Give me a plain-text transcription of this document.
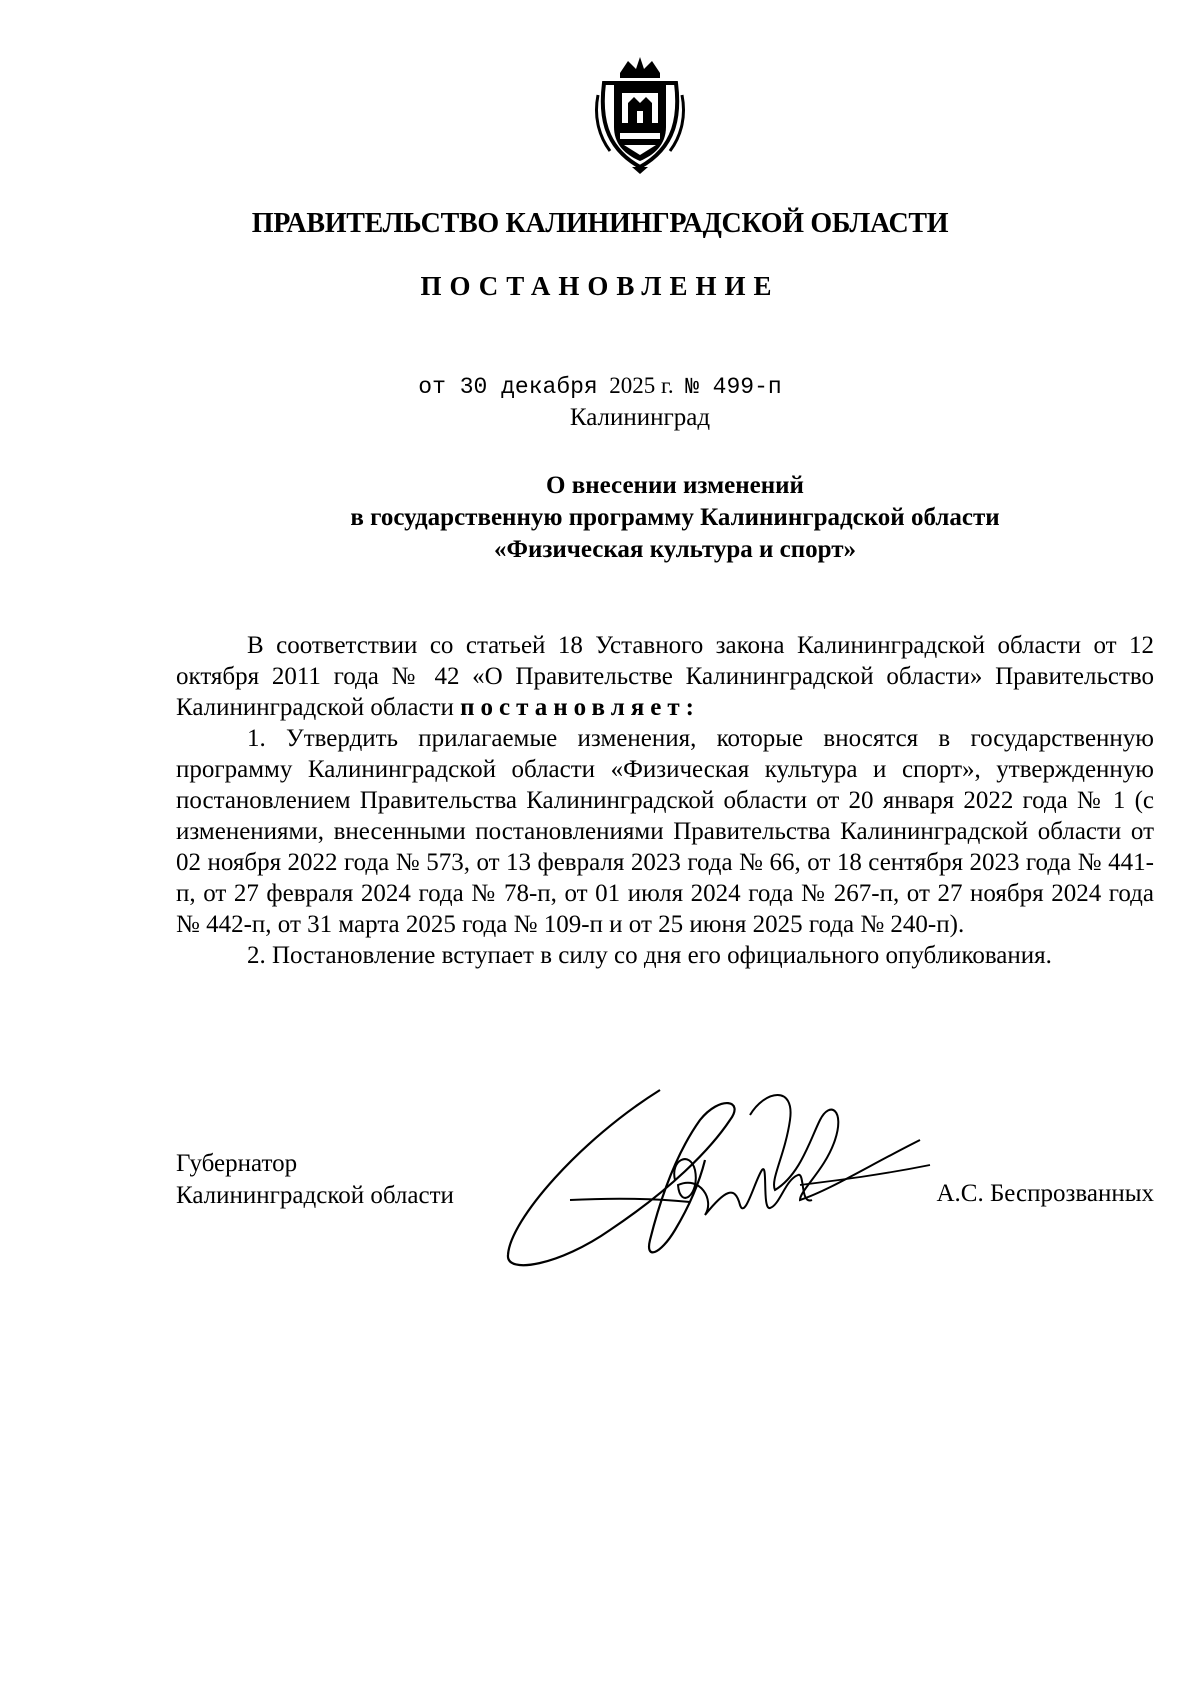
ПРАВИТЕЛЬСТВО КАЛИНИНГРАДСКОЙ ОБЛАСТИ
ПОСТАНОВЛЕНИЕ
от 30 декабря 2025 г. № 499-п
Калининград
О внесении изменений
в государственную программу Калининградской области
«Физическая культура и спорт»

В соответствии со статьей 18 Уставного закона Калининградской области от 12 октября 2011 года № 42 «О Правительстве Калининградской области» Правительство Калининградской области постановляет:

1. Утвердить прилагаемые изменения, которые вносятся в государственную программу Калининградской области «Физическая культура и спорт», утвержденную постановлением Правительства Калининградской области от 20 января 2022 года № 1 (с изменениями, внесенными постановлениями Правительства Калининградской области от 02 ноября 2022 года № 573, от 13 февраля 2023 года № 66, от 18 сентября 2023 года № 441-п, от 27 февраля 2024 года № 78-п, от 01 июля 2024 года № 267-п, от 27 ноября 2024 года № 442-п, от 31 марта 2025 года № 109-п и от 25 июня 2025 года № 240-п).

2. Постановление вступает в силу со дня его официального опубликования.

Губернатор
Калининградской области	А.С. Беспрозванных
